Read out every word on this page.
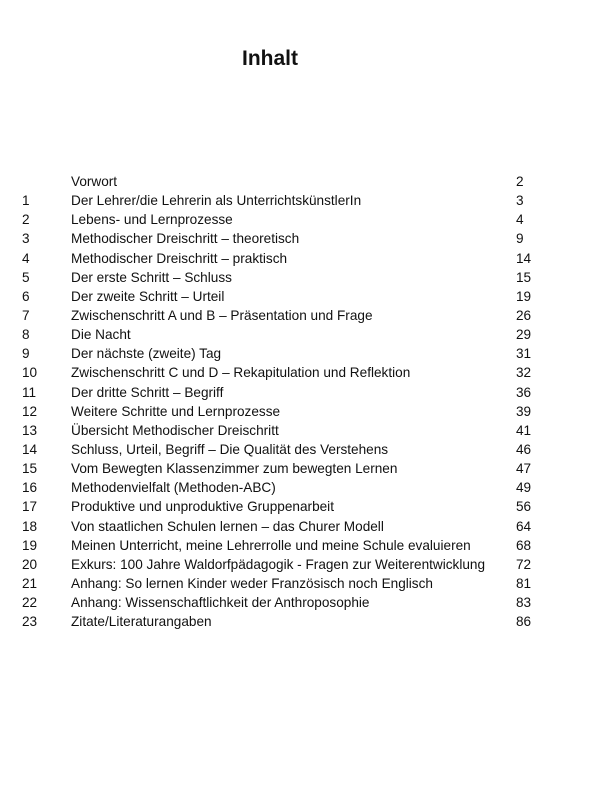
Inhalt
Vorwort	2
1	Der Lehrer/die Lehrerin als UnterrichtskünstlerIn	3
2	Lebens- und Lernprozesse	4
3	Methodischer Dreischritt – theoretisch	9
4	Methodischer Dreischritt – praktisch	14
5	Der erste Schritt – Schluss	15
6	Der zweite Schritt – Urteil	19
7	Zwischenschritt A und B – Präsentation und Frage	26
8	Die Nacht	29
9	Der nächste (zweite) Tag	31
10 Zwischenschritt C und D – Rekapitulation und Reflektion	32
11	Der dritte Schritt – Begriff	36
12 Weitere Schritte und Lernprozesse	39
13 Übersicht Methodischer Dreischritt	41
14 Schluss, Urteil, Begriff – Die Qualität des Verstehens	46
15 Vom Bewegten Klassenzimmer zum bewegten Lernen	47
16 Methodenvielfalt (Methoden-ABC)	49
17 Produktive und unproduktive Gruppenarbeit	56
18 Von staatlichen Schulen lernen – das Churer Modell	64
19 Meinen Unterricht, meine Lehrerrolle und meine Schule evaluieren	68
20 Exkurs: 100 Jahre Waldorfpädagogik - Fragen zur Weiterentwicklung 72
21 Anhang: So lernen Kinder weder Französisch noch Englisch	81
22 Anhang: Wissenschaftlichkeit der Anthroposophie	83
23 Zitate/Literaturangaben	86
